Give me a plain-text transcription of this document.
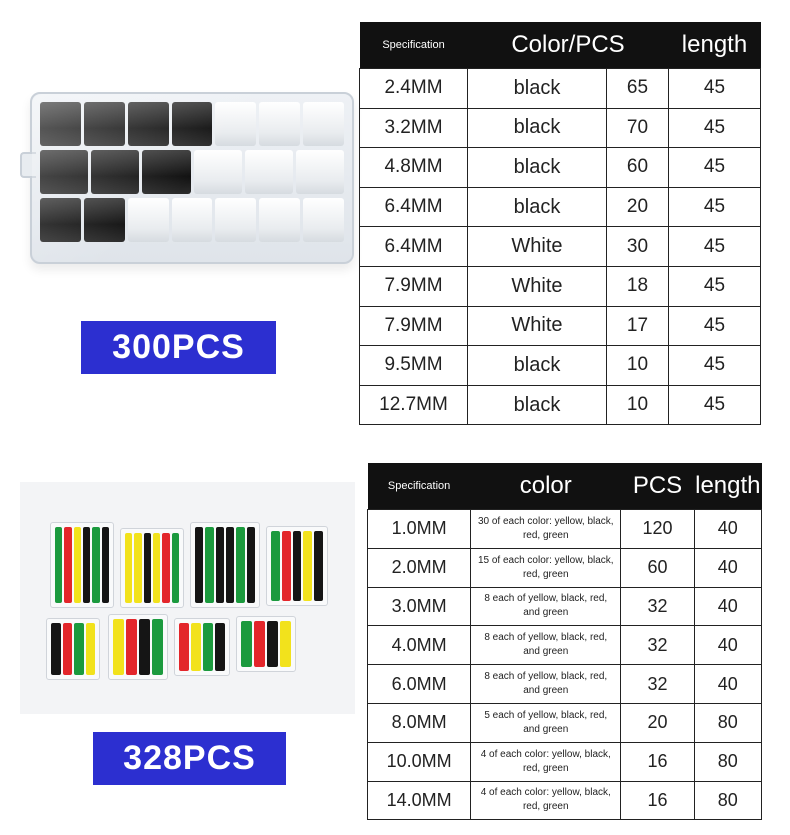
300PCS
Specification	Color/PCS		length
2.4MM	black	65	45
3.2MM	black	70	45
4.8MM	black	60	45
6.4MM	black	20	45
6.4MM	White	30	45
7.9MM	White	18	45
7.9MM	White	17	45
9.5MM	black	10	45
12.7MM	black	10	45
328PCS
Specification	color	PCS	length
1.0MM	30 of each color: yellow, black, red, green	120	40
2.0MM	15 of each color: yellow, black, red, green	60	40
3.0MM	8 each of yellow, black, red, and green	32	40
4.0MM	8 each of yellow, black, red, and green	32	40
6.0MM	8 each of yellow, black, red, and green	32	40
8.0MM	5 each of yellow, black, red, and green	20	80
10.0MM	4 of each color: yellow, black, red, green	16	80
14.0MM	4 of each color: yellow, black, red, green	16	80
